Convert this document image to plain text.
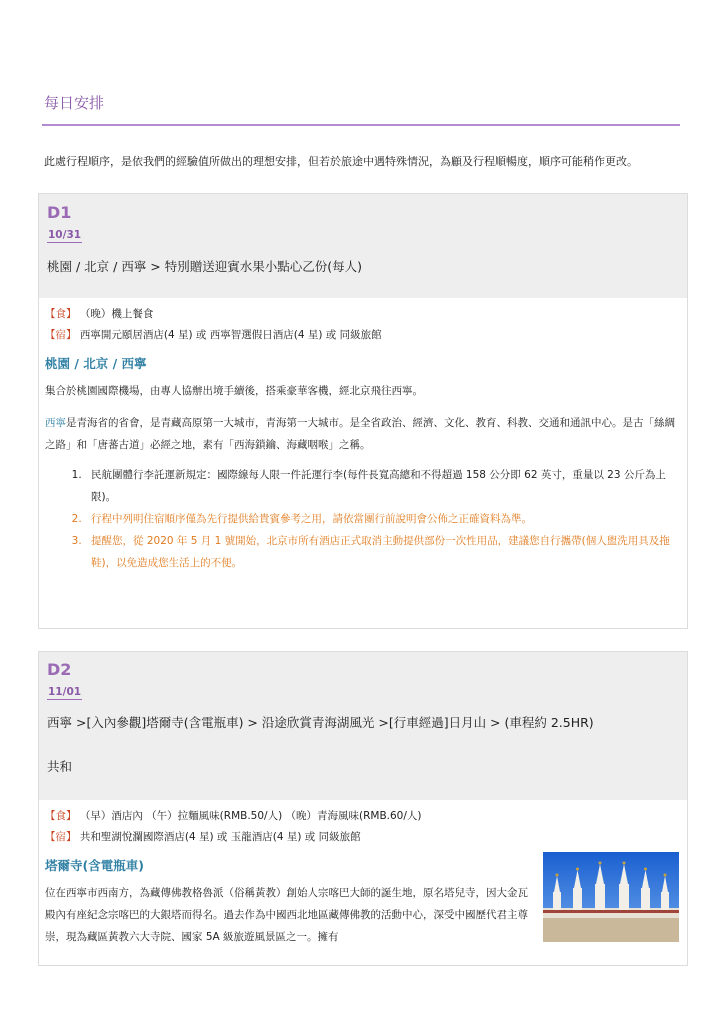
每日安排
此處行程順序，是依我們的經驗值所做出的理想安排，但若於旅途中遇特殊情況，為顧及行程順暢度，順序可能稍作更改。
D1
10/31
桃園 / 北京 / 西寧 > 特別贈送迎賓水果小點心乙份(每人)
【食】 （晚）機上餐食
【宿】 西寧開元頤居酒店(4 星) 或 西寧智選假日酒店(4 星) 或 同級旅館
桃園 / 北京 / 西寧
集合於桃園國際機場，由專人協辦出境手續後，搭乘豪華客機，經北京飛往西寧。
西寧是青海省的省會，是青藏高原第一大城市，青海第一大城市。是全省政治、經濟、文化、教育、科教、交通和通訊中心。是古「絲綢之路」和「唐蕃古道」必經之地，素有「西海鎖鑰、海藏咽喉」之稱。
1. 民航團體行李託運新規定：國際線每人限一件託運行李(每件長寬高總和不得超過 158 公分即 62 英寸，重量以 23 公斤為上限)。
2. 行程中列明住宿順序僅為先行提供給貴賓參考之用，請依當團行前說明會公佈之正確資料為準。
3. 提醒您，從 2020 年 5 月 1 號開始，北京市所有酒店正式取消主動提供部份一次性用品，建議您自行攜帶(個人盥洗用具及拖鞋)，以免造成您生活上的不便。
D2
11/01
西寧 >[入內參觀]塔爾寺(含電瓶車) > 沿途欣賞青海湖風光 >[行車經過]日月山 > (車程約 2.5HR)
共和
【食】 （早）酒店內 （午）拉麵風味(RMB.50/人) （晚）青海風味(RMB.60/人)
【宿】 共和聖湖悅瀾國際酒店(4 星) 或 玉龍酒店(4 星) 或 同級旅館
塔爾寺(含電瓶車)
位在西寧市西南方，為藏傳佛教格魯派（俗稱黃教）創始人宗喀巴大師的誕生地，原名塔兒寺，因大金瓦殿內有座紀念宗喀巴的大銀塔而得名。過去作為中國西北地區藏傳佛教的活動中心，深受中國歷代君主尊崇，現為藏區黃教六大寺院、國家 5A 級旅遊風景區之一。擁有
